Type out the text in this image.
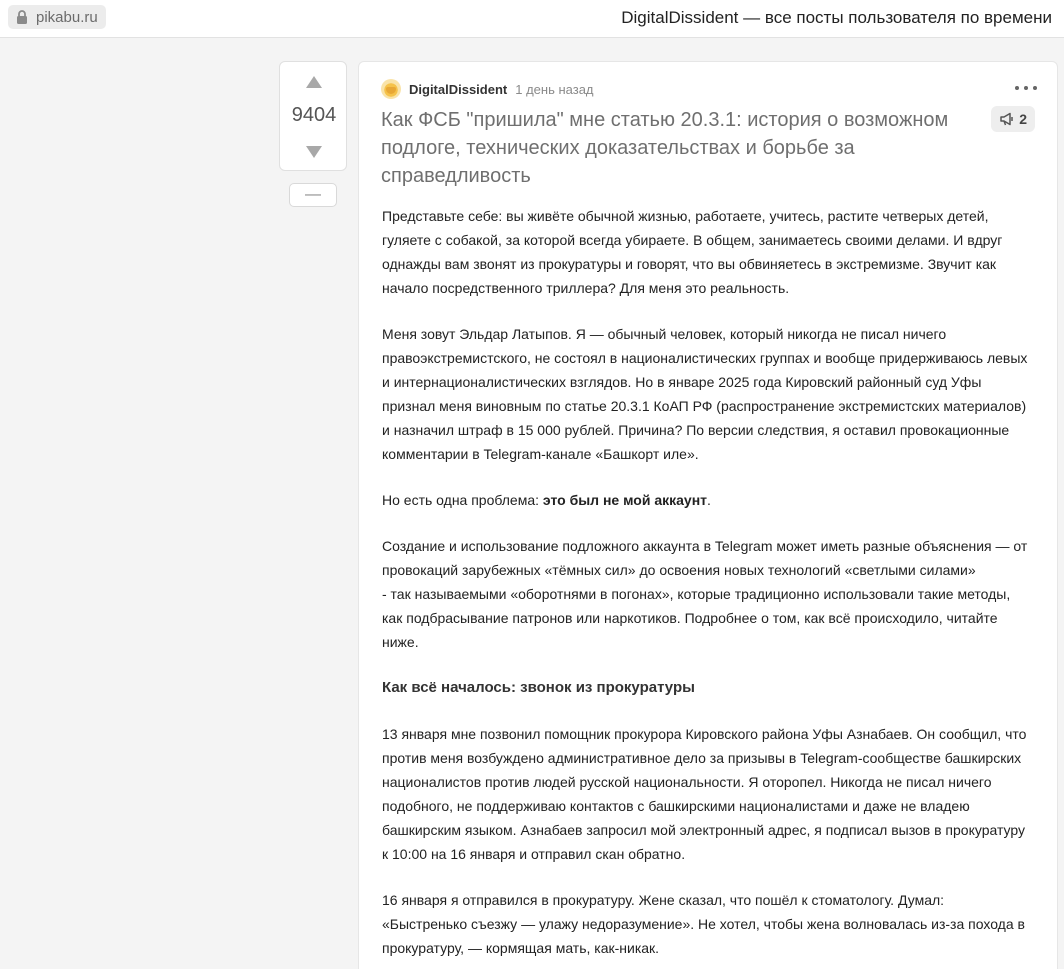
pikabu.ru	DigitalDissident — все посты пользователя по времени
9404
—
DigitalDissident 1 день назад
Как ФСБ "пришила" мне статью 20.3.1: история о возможном подлоге, технических доказательствах и борьбе за справедливость
2

Представьте себе: вы живёте обычной жизнью, работаете, учитесь, растите четверых детей, гуляете с собакой, за которой всегда убираете. В общем, занимаетесь своими делами. И вдруг однажды вам звонят из прокуратуры и говорят, что вы обвиняетесь в экстремизме. Звучит как начало посредственного триллера? Для меня это реальность.

Меня зовут Эльдар Латыпов. Я — обычный человек, который никогда не писал ничего правоэкстремистского, не состоял в националистических группах и вообще придерживаюсь левых и интернационалистических взглядов. Но в январе 2025 года Кировский районный суд Уфы признал меня виновным по статье 20.3.1 КоАП РФ (распространение экстремистских материалов) и назначил штраф в 15 000 рублей. Причина? По версии следствия, я оставил провокационные комментарии в Telegram-канале «Башкорт иле».

Но есть одна проблема: это был не мой аккаунт.

Создание и использование подложного аккаунта в Telegram может иметь разные объяснения — от провокаций зарубежных «тёмных сил» до освоения новых технологий «светлыми силами»
- так называемыми «оборотнями в погонах», которые традиционно использовали такие методы, как подбрасывание патронов или наркотиков. Подробнее о том, как всё происходило, читайте ниже.

Как всё началось: звонок из прокуратуры

13 января мне позвонил помощник прокурора Кировского района Уфы Азнабаев. Он сообщил, что против меня возбуждено административное дело за призывы в Telegram-сообществе башкирских националистов против людей русской национальности. Я оторопел. Никогда не писал ничего подобного, не поддерживаю контактов с башкирскими националистами и даже не владею башкирским языком. Азнабаев запросил мой электронный адрес, я подписал вызов в прокуратуру к 10:00 на 16 января и отправил скан обратно.

16 января я отправился в прокуратуру. Жене сказал, что пошёл к стоматологу. Думал: «Быстренько съезжу — улажу недоразумение». Не хотел, чтобы жена волновалась из-за похода в прокуратуру, — кормящая мать, как-никак.
